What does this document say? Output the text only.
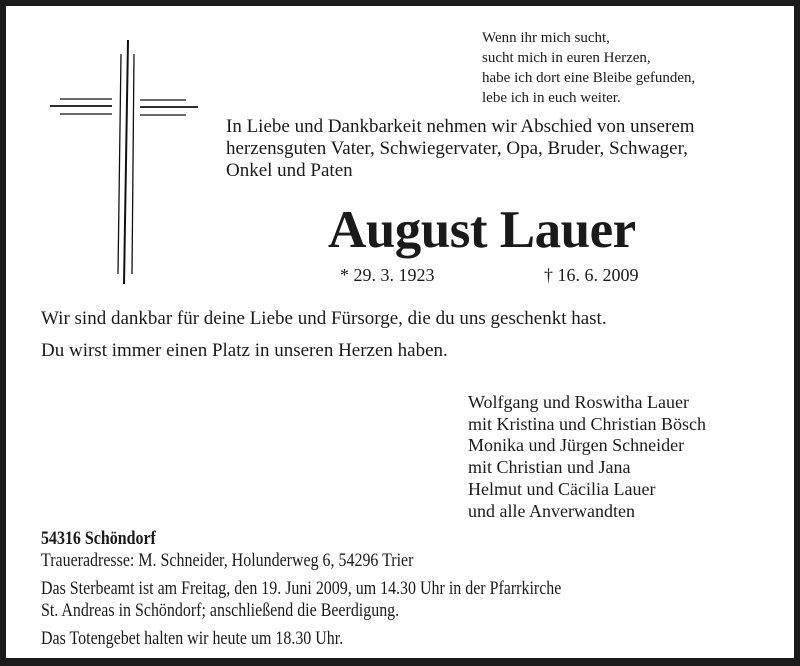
Wenn ihr mich sucht,
sucht mich in euren Herzen,
habe ich dort eine Bleibe gefunden,
lebe ich in euch weiter.
In Liebe und Dankbarkeit nehmen wir Abschied von unserem
herzensguten Vater, Schwiegervater, Opa, Bruder, Schwager,
Onkel und Paten
August Lauer
* 29. 3. 1923	† 16. 6. 2009
Wir sind dankbar für deine Liebe und Fürsorge, die du uns geschenkt hast.
Du wirst immer einen Platz in unseren Herzen haben.
Wolfgang und Roswitha Lauer
mit Kristina und Christian Bösch
Monika und Jürgen Schneider
mit Christian und Jana
Helmut und Cäcilia Lauer
und alle Anverwandten
54316 Schöndorf
Traueradresse: M. Schneider, Holunderweg 6, 54296 Trier
Das Sterbeamt ist am Freitag, den 19. Juni 2009, um 14.30 Uhr in der Pfarrkirche
St. Andreas in Schöndorf; anschließend die Beerdigung.
Das Totengebet halten wir heute um 18.30 Uhr.
